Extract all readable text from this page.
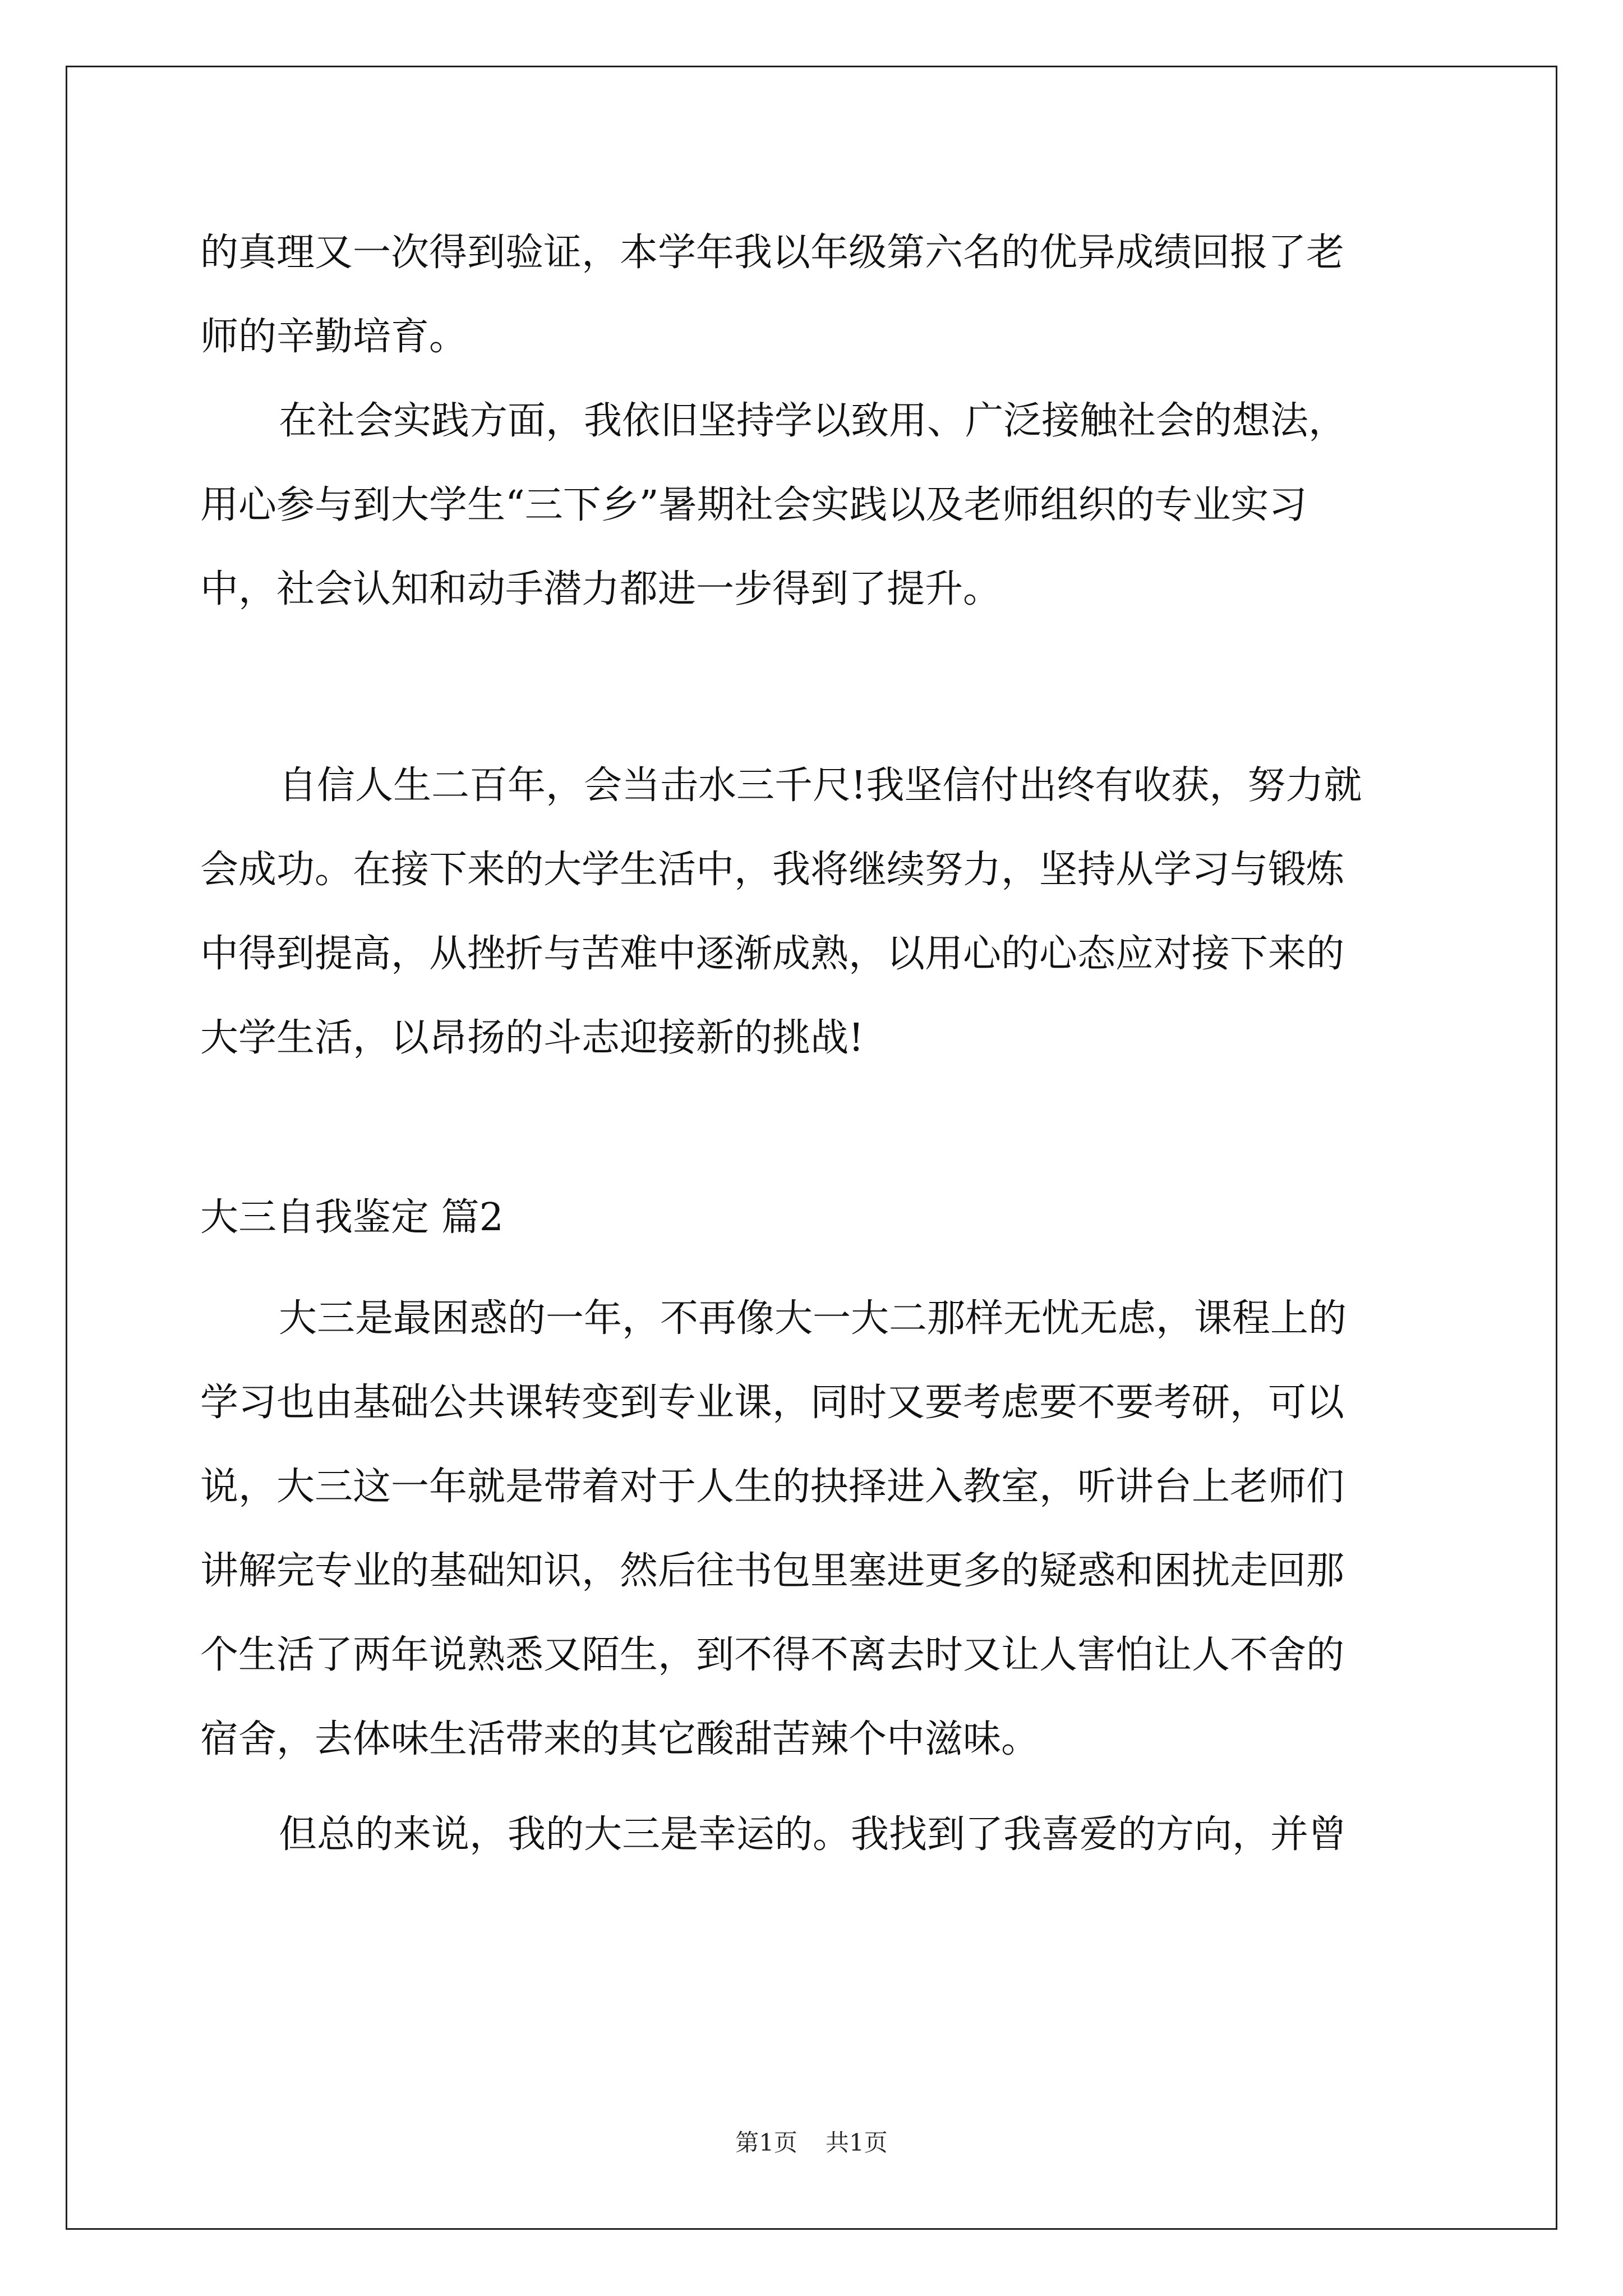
的真理又一次得到验证，本学年我以年级第六名的优异成绩回报了老
师的辛勤培育。
在社会实践方面，我依旧坚持学以致用、广泛接触社会的想法，
用心参与到大学生“三下乡”暑期社会实践以及老师组织的专业实习
中，社会认知和动手潜力都进一步得到了提升。
自信人生二百年，会当击水三千尺!我坚信付出终有收获，努力就
会成功。在接下来的大学生活中，我将继续努力，坚持从学习与锻炼
中得到提高，从挫折与苦难中逐渐成熟，以用心的心态应对接下来的
大学生活，以昂扬的斗志迎接新的挑战!
大三自我鉴定 篇2
大三是最困惑的一年，不再像大一大二那样无忧无虑，课程上的
学习也由基础公共课转变到专业课，同时又要考虑要不要考研，可以
说，大三这一年就是带着对于人生的抉择进入教室，听讲台上老师们
讲解完专业的基础知识，然后往书包里塞进更多的疑惑和困扰走回那
个生活了两年说熟悉又陌生，到不得不离去时又让人害怕让人不舍的
宿舍，去体味生活带来的其它酸甜苦辣个中滋味。
但总的来说，我的大三是幸运的。我找到了我喜爱的方向，并曾
第1页 共1页
